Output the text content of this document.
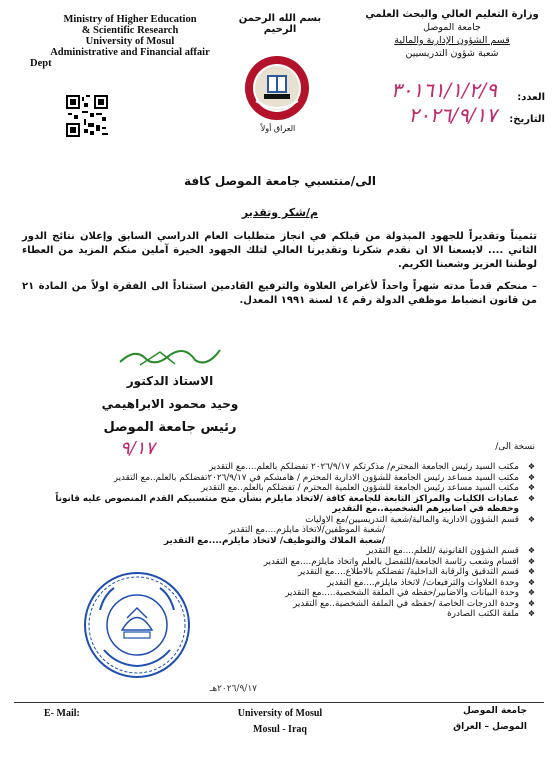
Ministry of Higher Education
& Scientific Research
University of Mosul
Administrative and Financial affair
Dept
بسم الله الرحمن الرحيم
وزارة التعليم العالي والبحث العلمي
جامعة الموصل
قسم الشؤون الإدارية والمالية
شعبة شؤون التدريسيين
العراق أولاً
العدد:
التاريخ:
٣٠١٦١/١/٢/٩
٢٠٢٦/٩/١٧
الى/منتسبي جامعة الموصل كافة
م/شكر وتقدير
تثميناً وتقديراً للجهود المبذولة من قبلكم في انجاز متطلبات العام الدراسي السابق وإعلان نتائج الدور الثاني .... لايسعنا الا ان نقدم شكرنا وتقديرنا العالي لتلك الجهود الخيرة آملين منكم المزيد من العطاء لوطننا العزيز وشعبنا الكريم.
– منحكم قدماً مدته شهراً واحداً لأغراض العلاوة والترفيع القادمين استناداً الى الفقرة اولاً من المادة ٢١ من قانون انضباط موظفي الدولة رقم ١٤ لسنة ١٩٩١ المعدل.
الاستاذ الدكتور
وحيد محمود الابراهيمي
رئيس جامعة الموصل
٩/١٧	نسخة الى/
❖ مكتب السيد رئيس الجامعة المحترم/ مذكرتكم ٢٠٢٦/٩/١٧ تفضلكم بالعلم....مع التقدير
❖ مكتب السيد مساعد رئيس الجامعة للشؤون الادارية المحترم / هامشكم في ٢٠٢٦/٩/١٧تفضلكم بالعلم..مع التقدير
❖ مكتب السيد مساعد رئيس الجامعة للشؤون العلمية المحترم / تفضلكم بالعلم..مع التقدير
❖ عمادات الكليات والمراكز التابعة للجامعة كافة /لاتخاذ مايلزم بشأن منح منتسبيكم القدم المنصوص عليه قانوناً وحفظه في اضابيرهم الشخصية..مع التقدير
❖ قسم الشؤون الادارية والمالية/شعبة التدريسيين/مع الاوليات
/شعبة الموظفين/لاتخاذ مايلزم....مع التقدير
/شعبة الملاك والتوظيف/ لاتخاذ مايلزم....مع التقدير
❖ قسم الشؤون القانونية /للعلم....مع التقدير
❖ اقسام وشعب رئاسة الجامعة/للتفضل بالعلم واتخاذ مايلزم....مع التقدير
❖ قسم التدقيق والرقابة الداخلية/ تفضلكم بالاطلاع....مع التقدير
❖ وحدة العلاوات والترفيعات/ لاتخاذ مايلزم....مع التقدير
❖ وحدة البيانات والاضابير/حفظه في الملفة الشخصية.....مع التقدير
❖ وحدة الدرجات الخاصة /حفظه في الملفة الشخصية..مع التقدير
❖ ملفة الكتب الصادرة
٢٠٢٦/٩/١٧هـ
E- Mail:	University of Mosul
Mosul - Iraq
جامعة الموصل
الموصل – العراق
